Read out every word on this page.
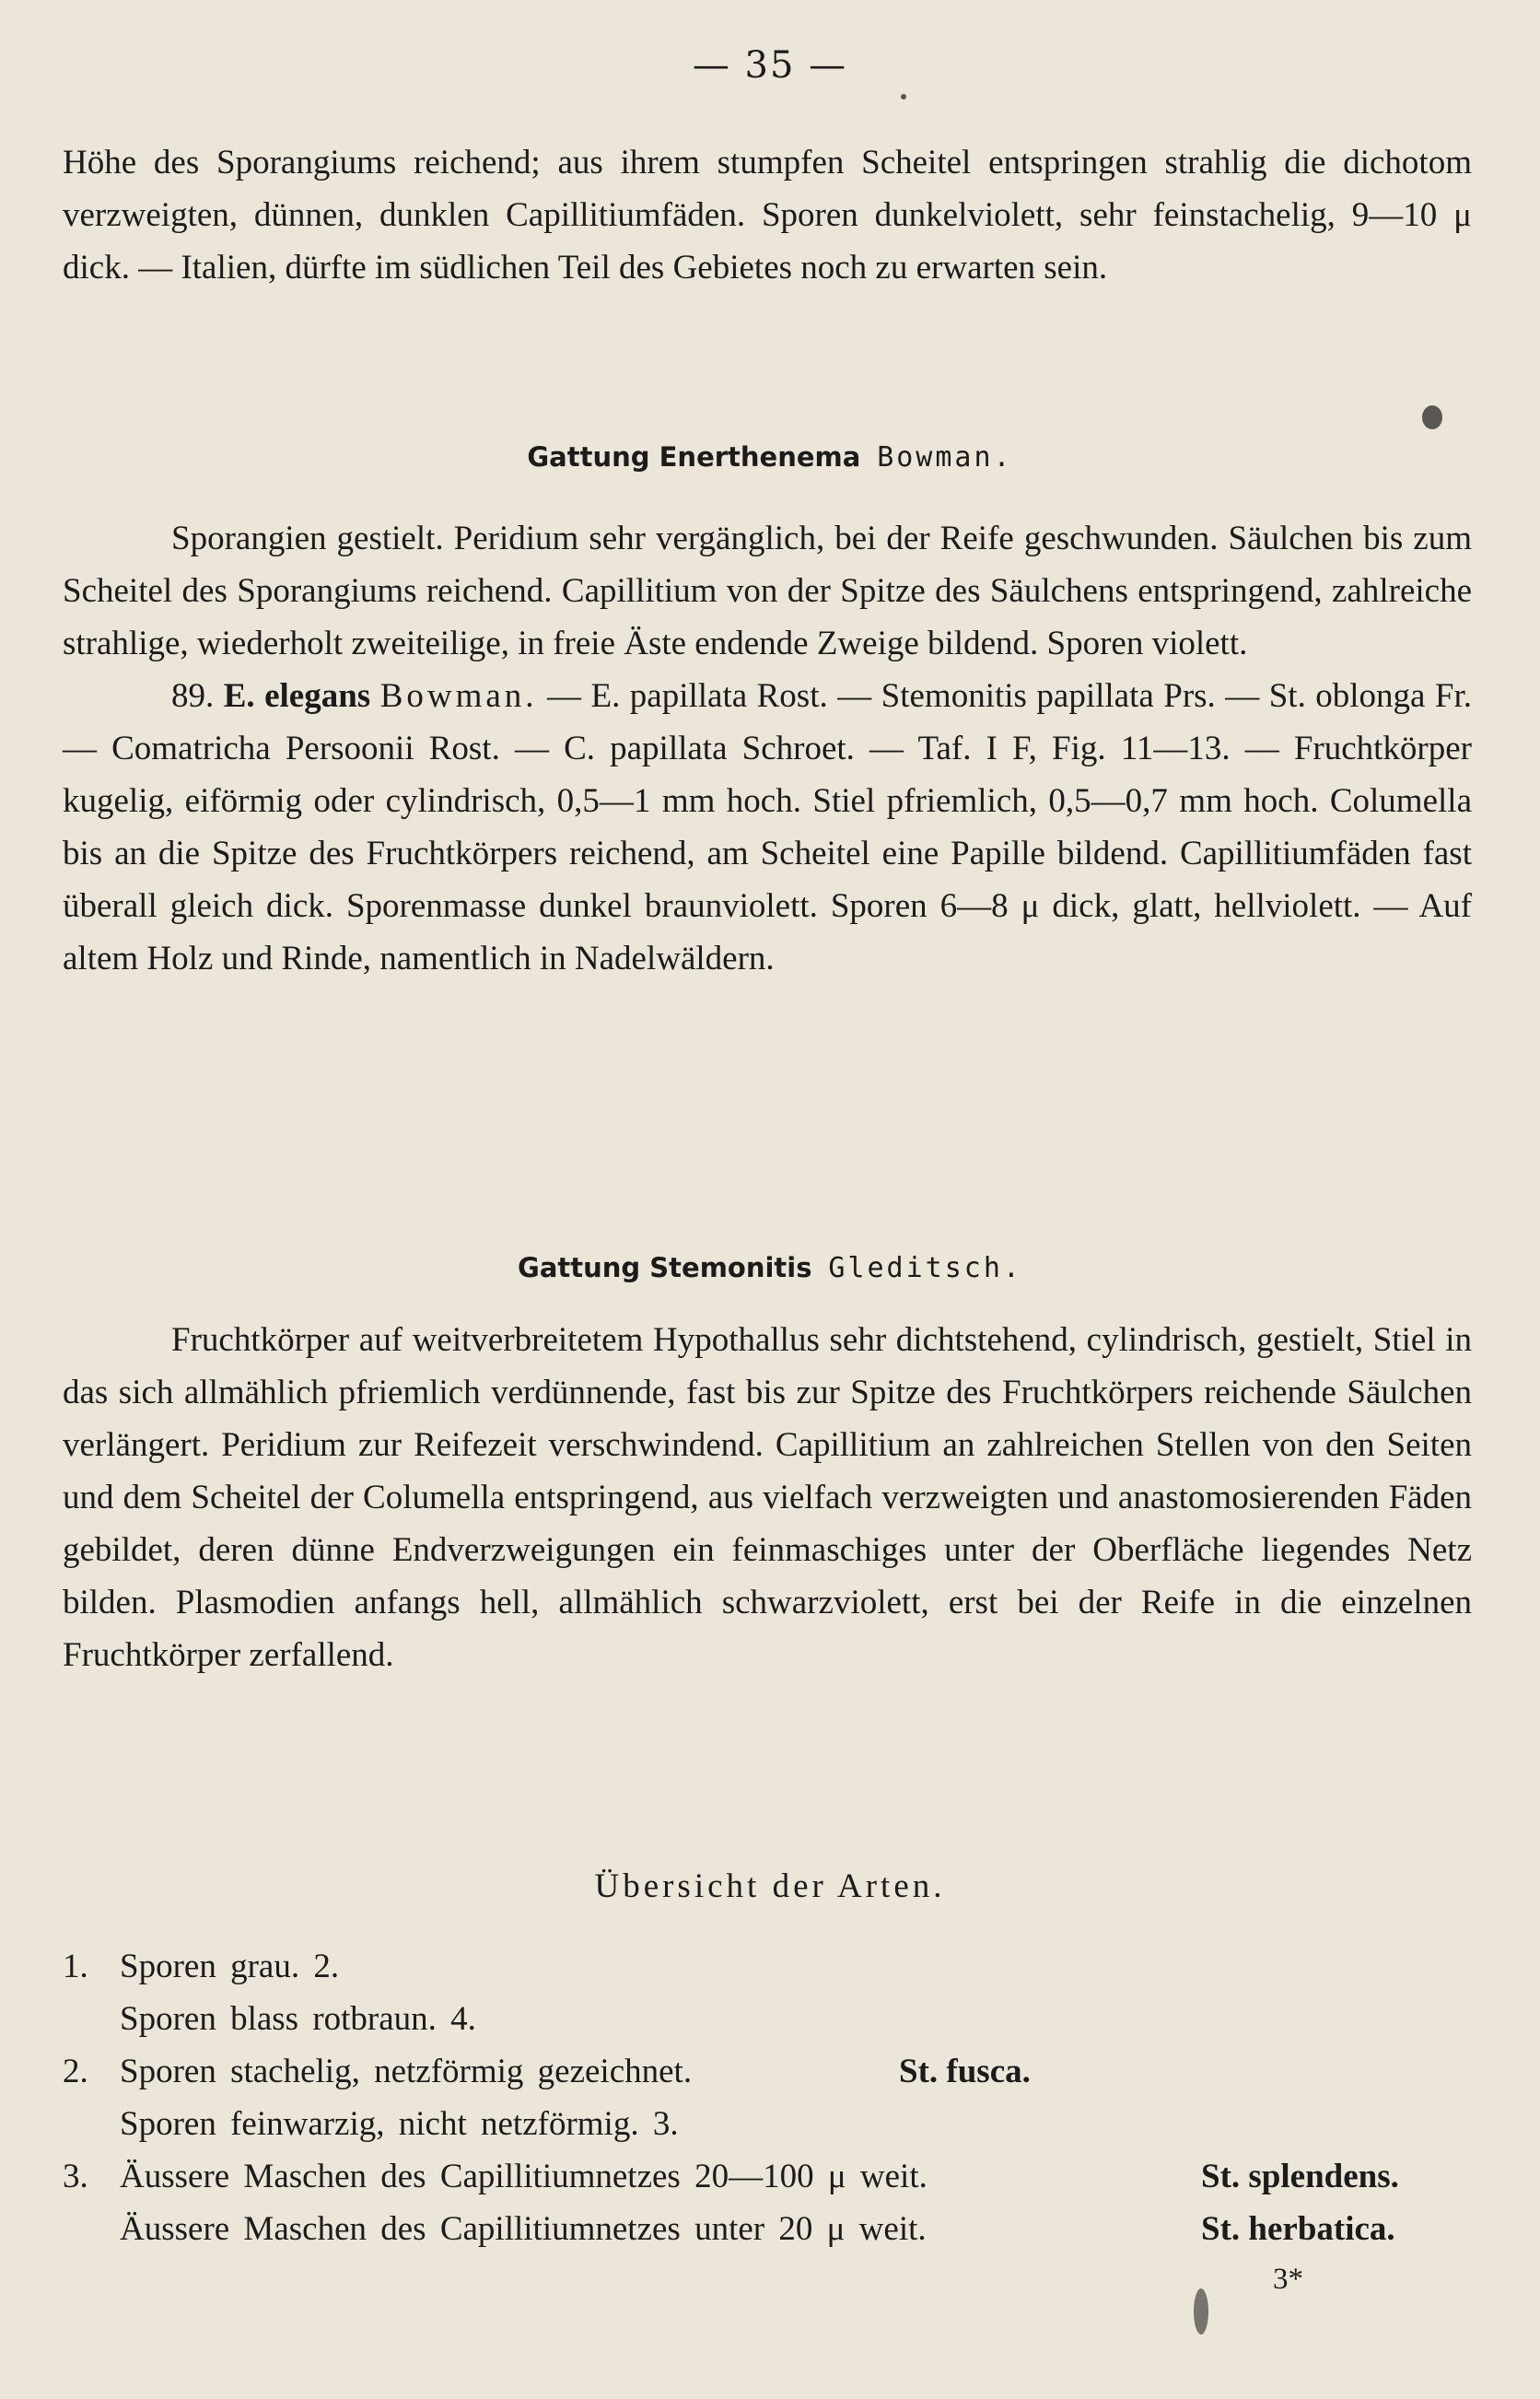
— 35 —

Höhe des Sporangiums reichend; aus ihrem stumpfen Scheitel entspringen strahlig die dichotom verzweigten, dünnen, dunklen Capillitiumfäden. Sporen dunkelviolett, sehr feinstachelig, 9—10 μ dick. — Italien, dürfte im südlichen Teil des Gebietes noch zu erwarten sein.

Gattung Enerthenema Bowman.

Sporangien gestielt. Peridium sehr vergänglich, bei der Reife geschwunden. Säulchen bis zum Scheitel des Sporangiums reichend. Capillitium von der Spitze des Säulchens entspringend, zahlreiche strahlige, wiederholt zweiteilige, in freie Äste endende Zweige bildend. Sporen violett.

89. E. elegans Bowman. — E. papillata Rost. — Stemonitis papillata Prs. — St. oblonga Fr. — Comatricha Persoonii Rost. — C. papillata Schroet. — Taf. I F, Fig. 11—13. — Fruchtkörper kugelig, eiförmig oder cylindrisch, 0,5—1 mm hoch. Stiel pfriemlich, 0,5—0,7 mm hoch. Columella bis an die Spitze des Fruchtkörpers reichend, am Scheitel eine Papille bildend. Capillitiumfäden fast überall gleich dick. Sporenmasse dunkel braunviolett. Sporen 6—8 μ dick, glatt, hellviolett. — Auf altem Holz und Rinde, namentlich in Nadelwäldern.

Gattung Stemonitis Gleditsch.

Fruchtkörper auf weitverbreitetem Hypothallus sehr dichtstehend, cylindrisch, gestielt, Stiel in das sich allmählich pfriemlich verdünnende, fast bis zur Spitze des Fruchtkörpers reichende Säulchen verlängert. Peridium zur Reifezeit verschwindend. Capillitium an zahlreichen Stellen von den Seiten und dem Scheitel der Columella entspringend, aus vielfach verzweigten und anastomosierenden Fäden gebildet, deren dünne Endverzweigungen ein feinmaschiges unter der Oberfläche liegendes Netz bilden. Plasmodien anfangs hell, allmählich schwarzviolett, erst bei der Reife in die einzelnen Fruchtkörper zerfallend.

Übersicht der Arten.
1. Sporen grau. 2.
Sporen blass rotbraun. 4.
2. Sporen stachelig, netzförmig gezeichnet.	St. fusca.
Sporen feinwarzig, nicht netzförmig. 3.
3. Äussere Maschen des Capillitiumnetzes 20—100 μ weit.	St. splendens.
Äussere Maschen des Capillitiumnetzes unter 20 μ weit.	St. herbatica.
3*
